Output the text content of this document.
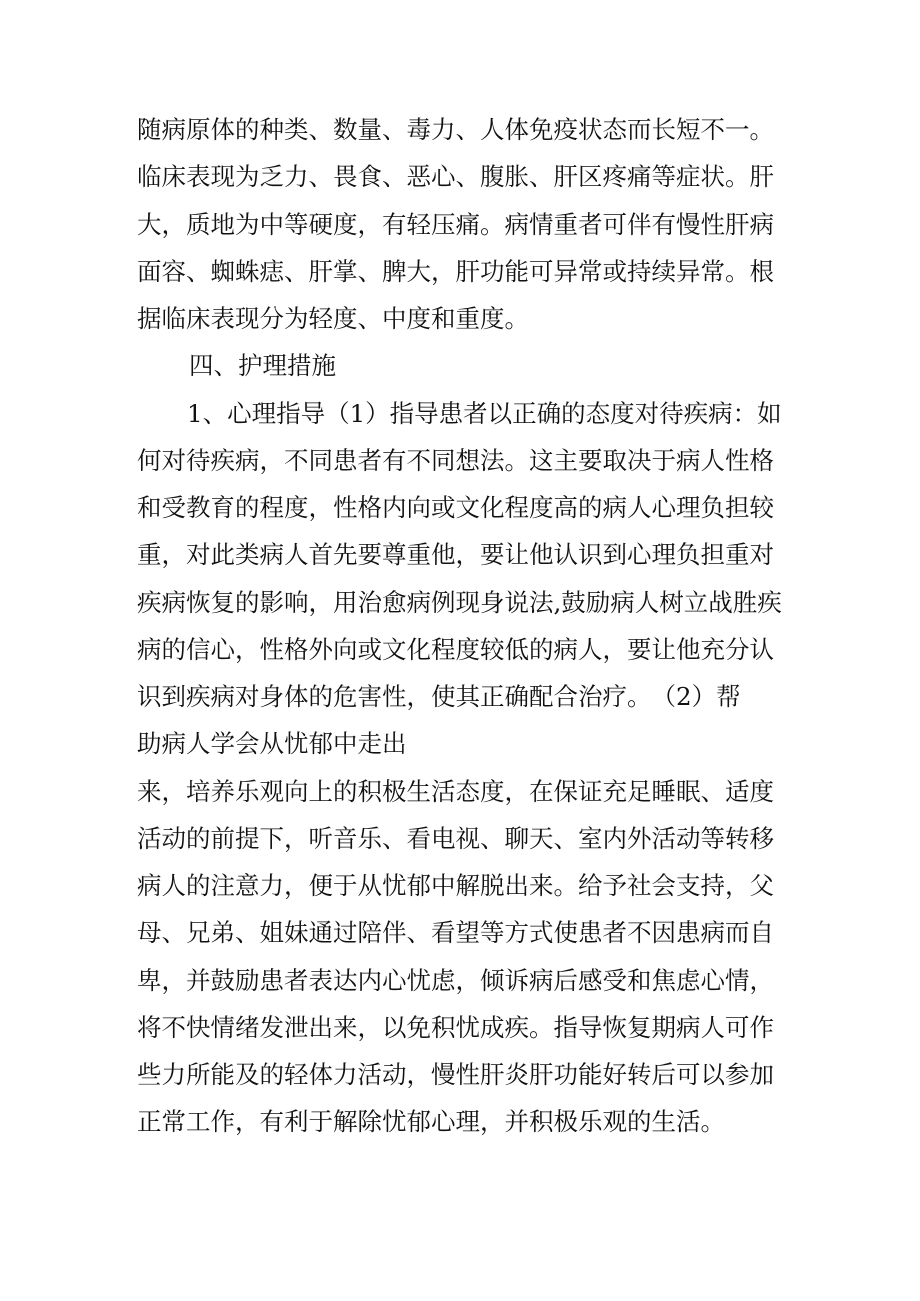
随病原体的种类、数量、毒力、人体免疫状态而长短不一。

临床表现为乏力、畏食、恶心、腹胀、肝区疼痛等症状。肝

大，质地为中等硬度，有轻压痛。病情重者可伴有慢性肝病

面容、蜘蛛痣、肝掌、脾大，肝功能可异常或持续异常。根

据临床表现分为轻度、中度和重度。

四、护理措施

1、心理指导（1）指导患者以正确的态度对待疾病：如

何对待疾病，不同患者有不同想法。这主要取决于病人性格

和受教育的程度，性格内向或文化程度高的病人心理负担较

重，对此类病人首先要尊重他，要让他认识到心理负担重对

疾病恢复的影响，用治愈病例现身说法,鼓励病人树立战胜疾

病的信心，性格外向或文化程度较低的病人，要让他充分认

识到疾病对身体的危害性，使其正确配合治疗。　（2）帮

助病人学会从忧郁中走出

来，培养乐观向上的积极生活态度，在保证充足睡眠、适度

活动的前提下，听音乐、看电视、聊天、室内外活动等转移

病人的注意力，便于从忧郁中解脱出来。给予社会支持，父

母、兄弟、姐妹通过陪伴、看望等方式使患者不因患病而自

卑，并鼓励患者表达内心忧虑，倾诉病后感受和焦虑心情，

将不快情绪发泄出来，以免积忧成疾。指导恢复期病人可作

些力所能及的轻体力活动，慢性肝炎肝功能好转后可以参加

正常工作，有利于解除忧郁心理，并积极乐观的生活。
